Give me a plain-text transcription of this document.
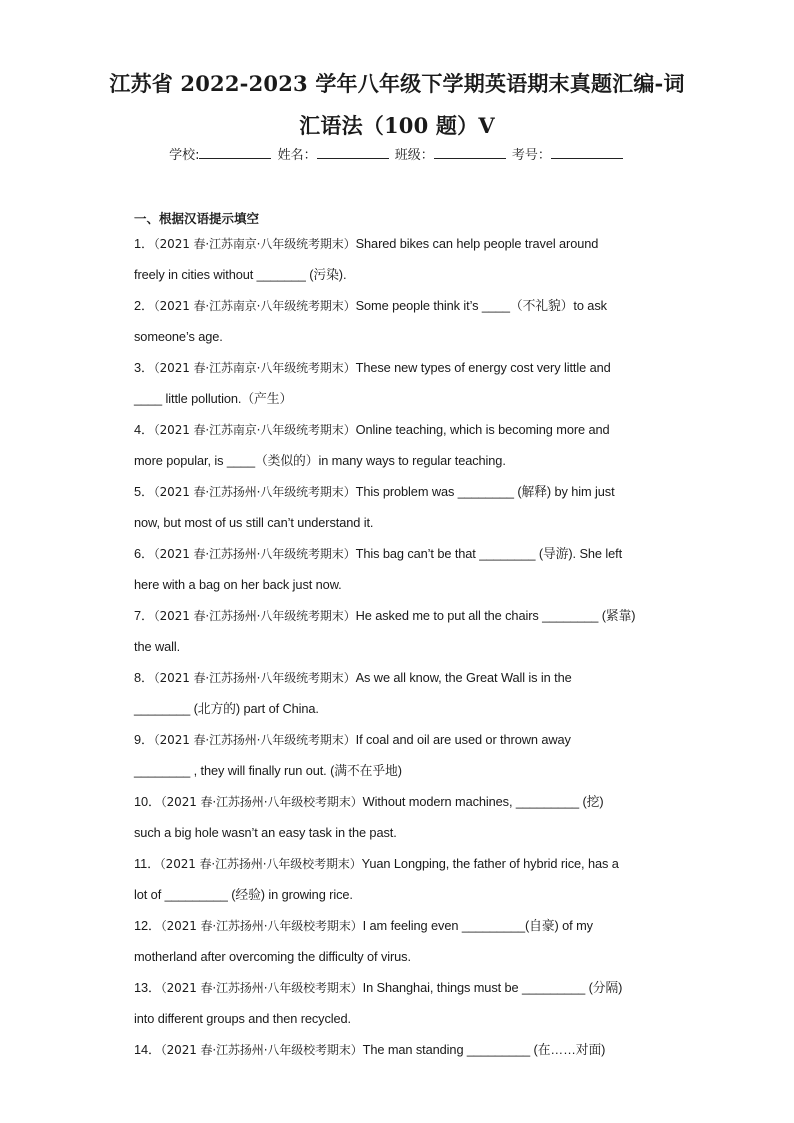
江苏省 2022-2023 学年八年级下学期英语期末真题汇编-词
汇语法（100 题）V
学校:	姓名：	班级：	考号：
一、根据汉语提示填空
1．（2021 春·江苏南京·八年级统考期末）Shared bikes can help people travel around
freely in cities without _______ (污染).
2．（2021 春·江苏南京·八年级统考期末）Some people think it’s ____（不礼貌）to ask
someone’s age.
3．（2021 春·江苏南京·八年级统考期末）These new types of energy cost very little and
____ little pollution.（产生）
4．（2021 春·江苏南京·八年级统考期末）Online teaching, which is becoming more and
more popular, is ____（类似的）in many ways to regular teaching.
5．（2021 春·江苏扬州·八年级统考期末）This problem was ________ (解释) by him just
now, but most of us still can’t understand it.
6．（2021 春·江苏扬州·八年级统考期末）This bag can’t be that ________ (导游). She left
here with a bag on her back just now.
7．（2021 春·江苏扬州·八年级统考期末）He asked me to put all the chairs ________ (紧靠)
the wall.
8．（2021 春·江苏扬州·八年级统考期末）As we all know, the Great Wall is in the
________ (北方的) part of China.
9．（2021 春·江苏扬州·八年级统考期末）If coal and oil are used or thrown away
________ , they will finally run out. (满不在乎地)
10．（2021 春·江苏扬州·八年级校考期末）Without modern machines, _________ (挖)
such a big hole wasn’t an easy task in the past.
11．（2021 春·江苏扬州·八年级校考期末）Yuan Longping, the father of hybrid rice, has a
lot of _________ (经验) in growing rice.
12．（2021 春·江苏扬州·八年级校考期末）I am feeling even _________(自豪) of my
motherland after overcoming the difficulty of virus.
13．（2021 春·江苏扬州·八年级校考期末）In Shanghai, things must be _________ (分隔)
into different groups and then recycled.
14．（2021 春·江苏扬州·八年级校考期末）The man standing _________ (在……对面)
